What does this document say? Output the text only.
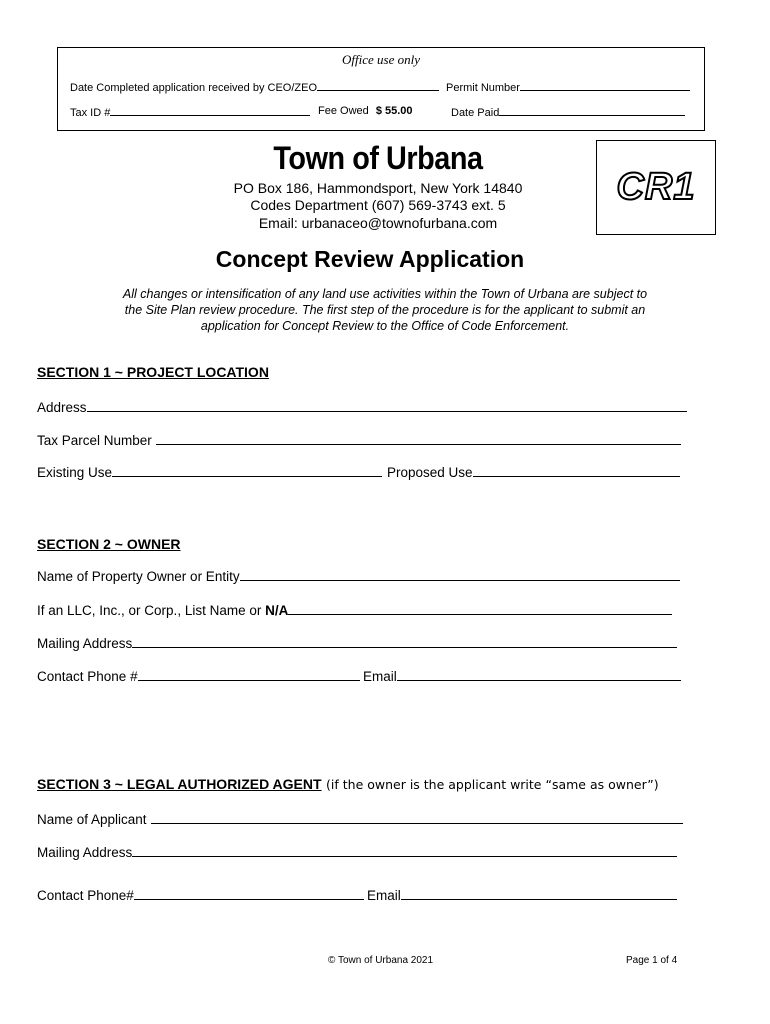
Office use only
Date Completed application received by CEO/ZEO	Permit Number
Tax ID #	Fee Owed $ 55.00	Date Paid
Town of Urbana
PO Box 186, Hammondsport, New York 14840
Codes Department (607) 569-3743 ext. 5
Email: urbanaceo@townofurbana.com
CR1
Concept Review Application
All changes or intensification of any land use activities within the Town of Urbana are subject to
the Site Plan review procedure. The first step of the procedure is for the applicant to submit an
application for Concept Review to the Office of Code Enforcement.
SECTION 1 ~ PROJECT LOCATION
Address
Tax Parcel Number
Existing Use	Proposed Use
SECTION 2 ~ OWNER
Name of Property Owner or Entity
If an LLC, Inc., or Corp., List Name or N/A
Mailing Address
Contact Phone #	Email
SECTION 3 ~ LEGAL AUTHORIZED AGENT (if the owner is the applicant write “same as owner”)
Name of Applicant
Mailing Address
Contact Phone#	Email
© Town of Urbana 2021	Page 1 of 4
